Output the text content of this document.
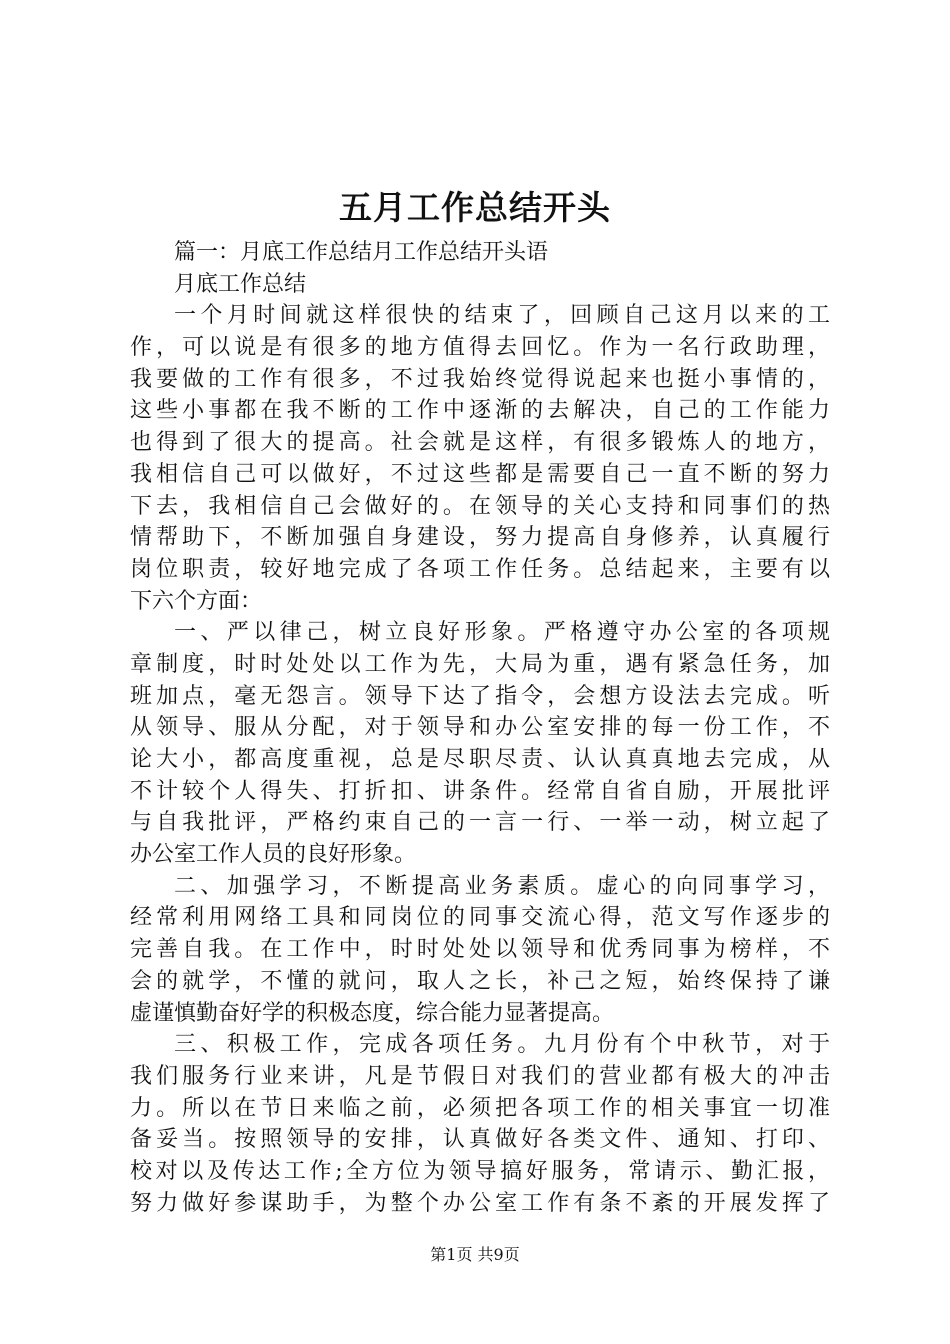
五月工作总结开头
篇一：月底工作总结月工作总结开头语
月底工作总结
一个月时间就这样很快的结束了，回顾自己这月以来的工
作，可以说是有很多的地方值得去回忆。作为一名行政助理，
我要做的工作有很多，不过我始终觉得说起来也挺小事情的，
这些小事都在我不断的工作中逐渐的去解决，自己的工作能力
也得到了很大的提高。社会就是这样，有很多锻炼人的地方，
我相信自己可以做好，不过这些都是需要自己一直不断的努力
下去，我相信自己会做好的。在领导的关心支持和同事们的热
情帮助下，不断加强自身建设，努力提高自身修养，认真履行
岗位职责，较好地完成了各项工作任务。总结起来，主要有以
下六个方面：
一、严以律己，树立良好形象。严格遵守办公室的各项规
章制度，时时处处以工作为先，大局为重，遇有紧急任务，加
班加点，毫无怨言。领导下达了指令，会想方设法去完成。听
从领导、服从分配，对于领导和办公室安排的每一份工作，不
论大小，都高度重视，总是尽职尽责、认认真真地去完成，从
不计较个人得失、打折扣、讲条件。经常自省自励，开展批评
与自我批评，严格约束自己的一言一行、一举一动，树立起了
办公室工作人员的良好形象。
二、加强学习，不断提高业务素质。虚心的向同事学习，
经常利用网络工具和同岗位的同事交流心得，范文写作逐步的
完善自我。在工作中，时时处处以领导和优秀同事为榜样，不
会的就学，不懂的就问，取人之长，补己之短，始终保持了谦
虚谨慎勤奋好学的积极态度，综合能力显著提高。
三、积极工作，完成各项任务。九月份有个中秋节，对于
我们服务行业来讲，凡是节假日对我们的营业都有极大的冲击
力。所以在节日来临之前，必须把各项工作的相关事宜一切准
备妥当。按照领导的安排，认真做好各类文件、通知、打印、
校对以及传达工作;全方位为领导搞好服务，常请示、勤汇报，
努力做好参谋助手，为整个办公室工作有条不紊的开展发挥了
第1页 共9页
